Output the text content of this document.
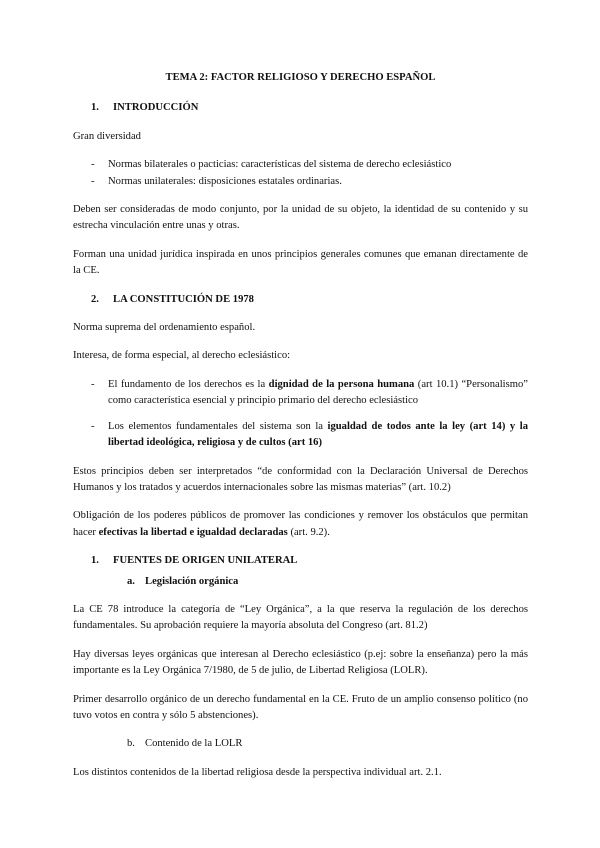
TEMA 2: FACTOR RELIGIOSO Y DERECHO ESPAÑOL
1.	INTRODUCCIÓN

Gran diversidad

-	Normas bilaterales o pacticias: características del sistema de derecho eclesiástico
-	Normas unilaterales: disposiciones estatales ordinarias.

Deben ser consideradas de modo conjunto, por la unidad de su objeto, la identidad de su contenido y su estrecha vinculación entre unas y otras.

Forman una unidad jurídica inspirada en unos principios generales comunes que emanan directamente de la CE.

2.	LA CONSTITUCIÓN DE 1978

Norma suprema del ordenamiento español.

Interesa, de forma especial, al derecho eclesiástico:

-	El fundamento de los derechos es la dignidad de la persona humana (art 10.1) “Personalismo” como característica esencial y principio primario del derecho eclesiástico
-	Los elementos fundamentales del sistema son la igualdad de todos ante la ley (art 14) y la libertad ideológica, religiosa y de cultos (art 16)

Estos principios deben ser interpretados “de conformidad con la Declaración Universal de Derechos Humanos y los tratados y acuerdos internacionales sobre las mismas materias” (art. 10.2)

Obligación de los poderes públicos de promover las condiciones y remover los obstáculos que permitan hacer efectivas la libertad e igualdad declaradas (art. 9.2).

1.	FUENTES DE ORIGEN UNILATERAL
a. Legislación orgánica

La CE 78 introduce la categoría de “Ley Orgánica”, a la que reserva la regulación de los derechos fundamentales. Su aprobación requiere la mayoría absoluta del Congreso (art. 81.2)

Hay diversas leyes orgánicas que interesan al Derecho eclesiástico (p.ej: sobre la enseñanza) pero la más importante es la Ley Orgánica 7/1980, de 5 de julio, de Libertad Religiosa (LOLR).

Primer desarrollo orgánico de un derecho fundamental en la CE. Fruto de un amplio consenso político (no tuvo votos en contra y sólo 5 abstenciones).

b. Contenido de la LOLR

Los distintos contenidos de la libertad religiosa desde la perspectiva individual art. 2.1.
